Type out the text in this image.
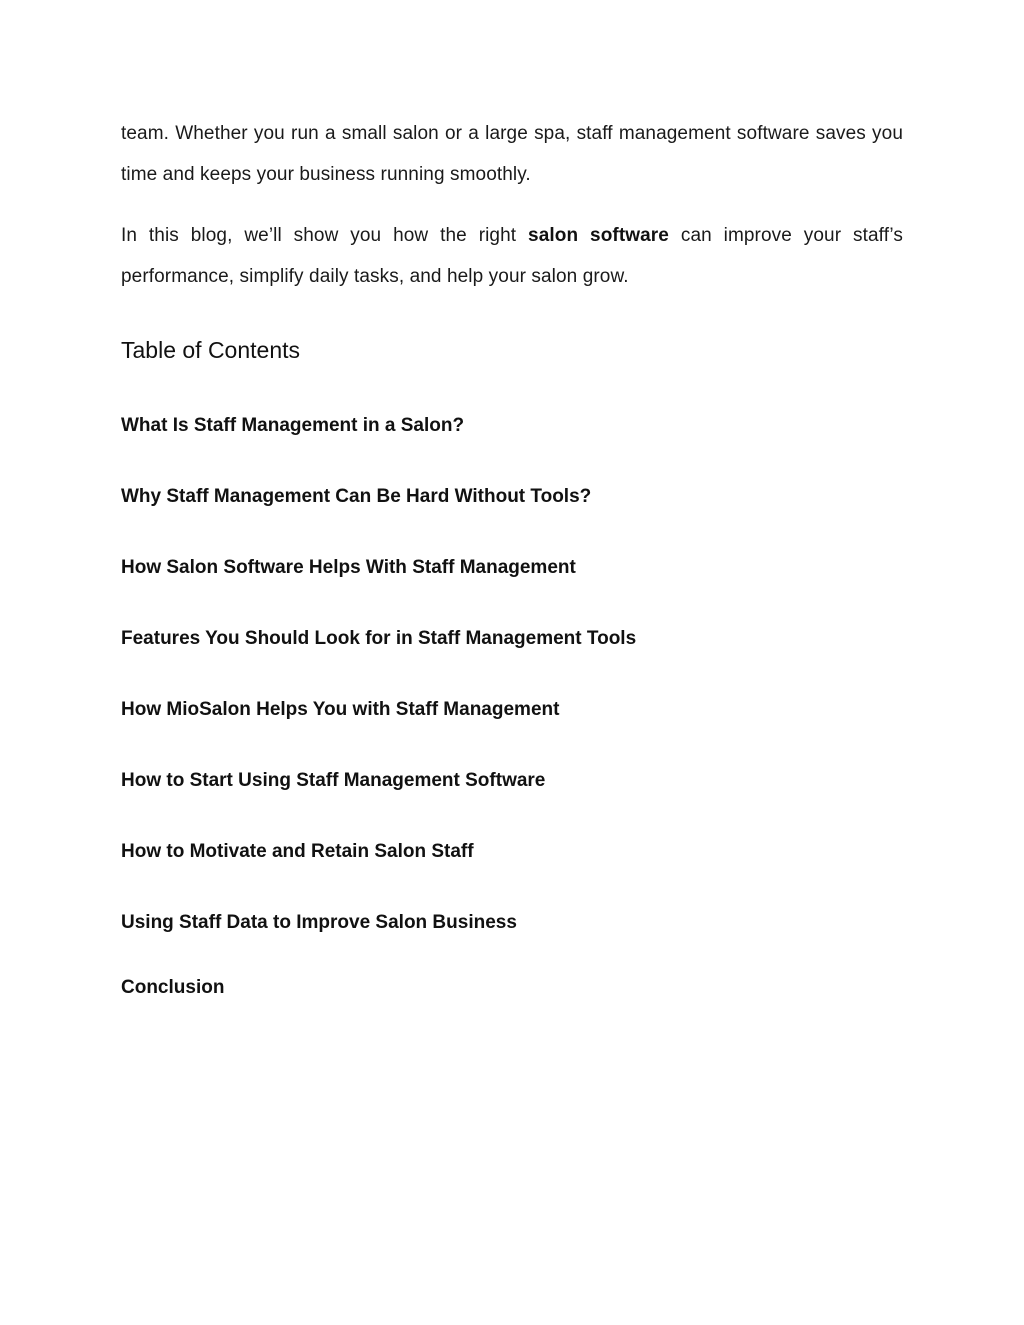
team. Whether you run a small salon or a large spa, staff management software saves you time and keeps your business running smoothly.

In this blog, we’ll show you how the right salon software can improve your staff’s performance, simplify daily tasks, and help your salon grow.

Table of Contents
What Is Staff Management in a Salon?
Why Staff Management Can Be Hard Without Tools?
How Salon Software Helps With Staff Management
Features You Should Look for in Staff Management Tools
How MioSalon Helps You with Staff Management
How to Start Using Staff Management Software
How to Motivate and Retain Salon Staff
Using Staff Data to Improve Salon Business
Conclusion
